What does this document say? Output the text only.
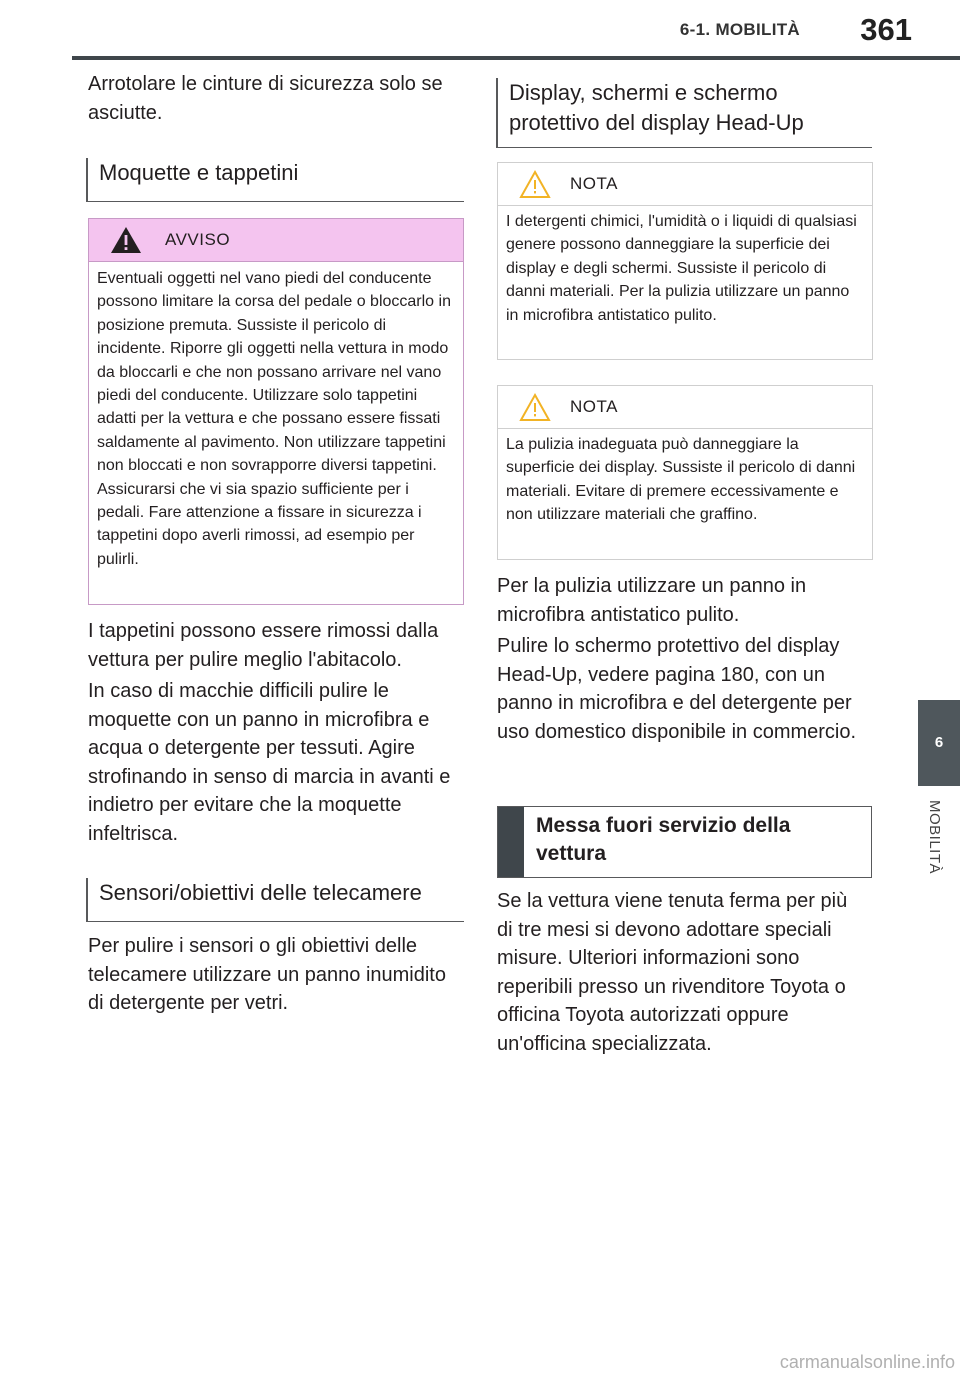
6-1. MOBILITÀ	361
6
MOBILITÀ
Arrotolare le cinture di sicurezza solo se asciutte.
Moquette e tappetini
AVVISO
Eventuali oggetti nel vano piedi del conducente possono limitare la corsa del pedale o bloccarlo in posizione premuta. Sussiste il pericolo di incidente. Riporre gli oggetti nella vettura in modo da bloccarli e che non possano arrivare nel vano piedi del conducente. Utilizzare solo tappetini adatti per la vettura e che possano essere fissati saldamente al pavimento. Non utilizzare tappetini non bloccati e non sovrapporre diversi tappetini. Assicurarsi che vi sia spazio sufficiente per i pedali. Fare attenzione a fissare in sicurezza i tappetini dopo averli rimossi, ad esempio per pulirli.
I tappetini possono essere rimossi dalla vettura per pulire meglio l'abitacolo.
In caso di macchie difficili pulire le moquette con un panno in microfibra e acqua o detergente per tessuti. Agire strofinando in senso di marcia in avanti e indietro per evitare che la moquette infeltrisca.
Sensori/obiettivi delle telecamere
Per pulire i sensori o gli obiettivi delle telecamere utilizzare un panno inumidito di detergente per vetri.
Display, schermi e schermo protettivo del display Head-Up
NOTA
I detergenti chimici, l'umidità o i liquidi di qualsiasi genere possono danneggiare la superficie dei display e degli schermi. Sussiste il pericolo di danni materiali. Per la pulizia utilizzare un panno in microfibra antistatico pulito.
NOTA
La pulizia inadeguata può danneggiare la superficie dei display. Sussiste il pericolo di danni materiali. Evitare di premere eccessivamente e non utilizzare materiali che graffino.
Per la pulizia utilizzare un panno in microfibra antistatico pulito.
Pulire lo schermo protettivo del display Head-Up, vedere pagina 180, con un panno in microfibra e del detergente per uso domestico disponibile in commercio.
Messa fuori servizio della vettura
Se la vettura viene tenuta ferma per più di tre mesi si devono adottare speciali misure. Ulteriori informazioni sono reperibili presso un rivenditore Toyota o officina Toyota autorizzati oppure un'officina specializzata.
carmanualsonline.info
